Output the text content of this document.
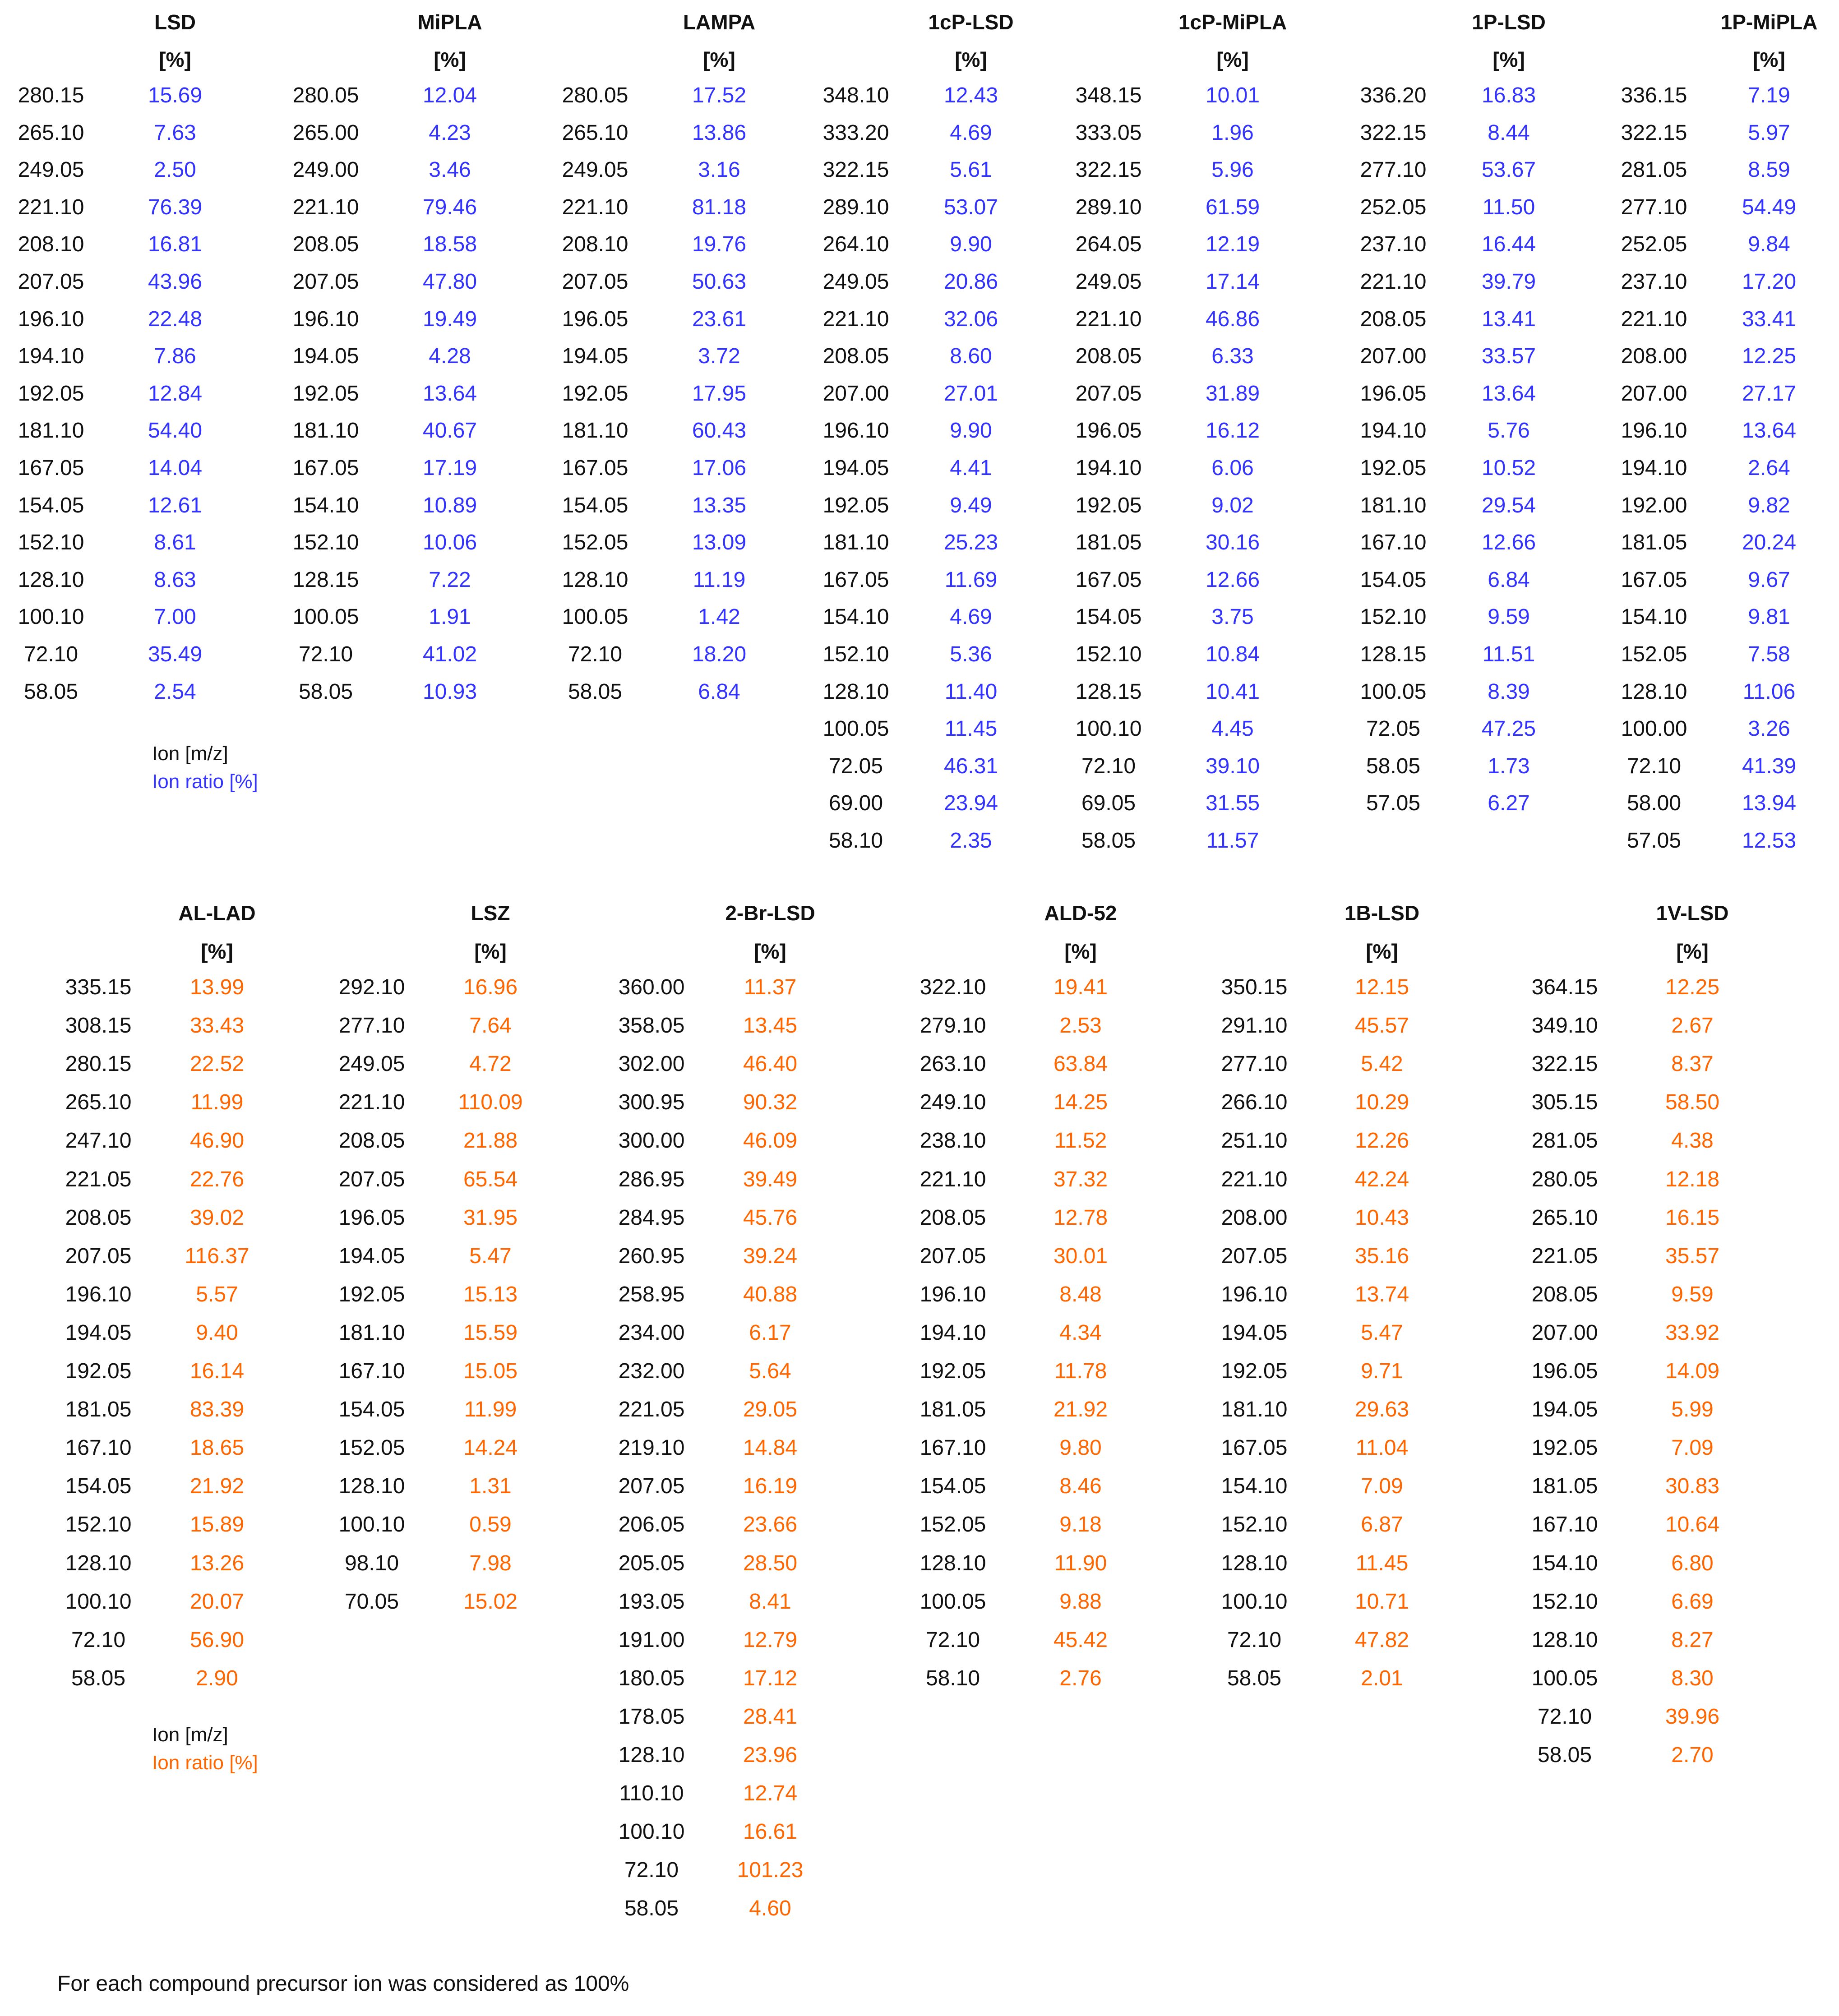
LSD
[%]
280.15	15.69
265.10	7.63
249.05	2.50
221.10	76.39
208.10	16.81
207.05	43.96
196.10	22.48
194.10	7.86
192.05	12.84
181.10	54.40
167.05	14.04
154.05	12.61
152.10	8.61
128.10	8.63
100.10	7.00
72.10	35.49
58.05	2.54
MiPLA
[%]
280.05	12.04
265.00	4.23
249.00	3.46
221.10	79.46
208.05	18.58
207.05	47.80
196.10	19.49
194.05	4.28
192.05	13.64
181.10	40.67
167.05	17.19
154.10	10.89
152.10	10.06
128.15	7.22
100.05	1.91
72.10	41.02
58.05	10.93
LAMPA
[%]
280.05	17.52
265.10	13.86
249.05	3.16
221.10	81.18
208.10	19.76
207.05	50.63
196.05	23.61
194.05	3.72
192.05	17.95
181.10	60.43
167.05	17.06
154.05	13.35
152.05	13.09
128.10	11.19
100.05	1.42
72.10	18.20
58.05	6.84
1cP-LSD
[%]
348.10	12.43
333.20	4.69
322.15	5.61
289.10	53.07
264.10	9.90
249.05	20.86
221.10	32.06
208.05	8.60
207.00	27.01
196.10	9.90
194.05	4.41
192.05	9.49
181.10	25.23
167.05	11.69
154.10	4.69
152.10	5.36
128.10	11.40
100.05	11.45
72.05	46.31
69.00	23.94
58.10	2.35
1cP-MiPLA
[%]
348.15	10.01
333.05	1.96
322.15	5.96
289.10	61.59
264.05	12.19
249.05	17.14
221.10	46.86
208.05	6.33
207.05	31.89
196.05	16.12
194.10	6.06
192.05	9.02
181.05	30.16
167.05	12.66
154.05	3.75
152.10	10.84
128.15	10.41
100.10	4.45
72.10	39.10
69.05	31.55
58.05	11.57
1P-LSD
[%]
336.20	16.83
322.15	8.44
277.10	53.67
252.05	11.50
237.10	16.44
221.10	39.79
208.05	13.41
207.00	33.57
196.05	13.64
194.10	5.76
192.05	10.52
181.10	29.54
167.10	12.66
154.05	6.84
152.10	9.59
128.15	11.51
100.05	8.39
72.05	47.25
58.05	1.73
57.05	6.27
1P-MiPLA
[%]
336.15	7.19
322.15	5.97
281.05	8.59
277.10	54.49
252.05	9.84
237.10	17.20
221.10	33.41
208.00	12.25
207.00	27.17
196.10	13.64
194.10	2.64
192.00	9.82
181.05	20.24
167.05	9.67
154.10	9.81
152.05	7.58
128.10	11.06
100.00	3.26
72.10	41.39
58.00	13.94
57.05	12.53
AL-LAD
[%]
335.15	13.99
308.15	33.43
280.15	22.52
265.10	11.99
247.10	46.90
221.05	22.76
208.05	39.02
207.05 116.37
196.10	5.57
194.05	9.40
192.05	16.14
181.05	83.39
167.10	18.65
154.05	21.92
152.10	15.89
128.10	13.26
100.10	20.07
72.10	56.90
58.05	2.90
LSZ
[%]
292.10	16.96
277.10	7.64
249.05	4.72
221.10 110.09
208.05	21.88
207.05	65.54
196.05	31.95
194.05	5.47
192.05	15.13
181.10	15.59
167.10	15.05
154.05	11.99
152.05	14.24
128.10	1.31
100.10	0.59
98.10	7.98
70.05	15.02
2-Br-LSD
[%]
360.00	11.37
358.05	13.45
302.00	46.40
300.95	90.32
300.00	46.09
286.95	39.49
284.95	45.76
260.95	39.24
258.95	40.88
234.00	6.17
232.00	5.64
221.05	29.05
219.10	14.84
207.05	16.19
206.05	23.66
205.05	28.50
193.05	8.41
191.00	12.79
180.05	17.12
178.05	28.41
128.10	23.96
110.10	12.74
100.10	16.61
72.10	101.23
58.05	4.60
ALD-52
[%]
322.10	19.41
279.10	2.53
263.10	63.84
249.10	14.25
238.10	11.52
221.10	37.32
208.05	12.78
207.05	30.01
196.10	8.48
194.10	4.34
192.05	11.78
181.05	21.92
167.10	9.80
154.05	8.46
152.05	9.18
128.10	11.90
100.05	9.88
72.10	45.42
58.10	2.76
1B-LSD
[%]
350.15	12.15
291.10	45.57
277.10	5.42
266.10	10.29
251.10	12.26
221.10	42.24
208.00	10.43
207.05	35.16
196.10	13.74
194.05	5.47
192.05	9.71
181.10	29.63
167.05	11.04
154.10	7.09
152.10	6.87
128.10	11.45
100.10	10.71
72.10	47.82
58.05	2.01
1V-LSD
[%]
364.15	12.25
349.10	2.67
322.15	8.37
305.15	58.50
281.05	4.38
280.05	12.18
265.10	16.15
221.05	35.57
208.05	9.59
207.00	33.92
196.05	14.09
194.05	5.99
192.05	7.09
181.05	30.83
167.10	10.64
154.10	6.80
152.10	6.69
128.10	8.27
100.05	8.30
72.10	39.96
58.05	2.70
Ion [m/z]
Ion ratio [%]
Ion [m/z]
Ion ratio [%]
For each compound precursor ion was considered as 100%
